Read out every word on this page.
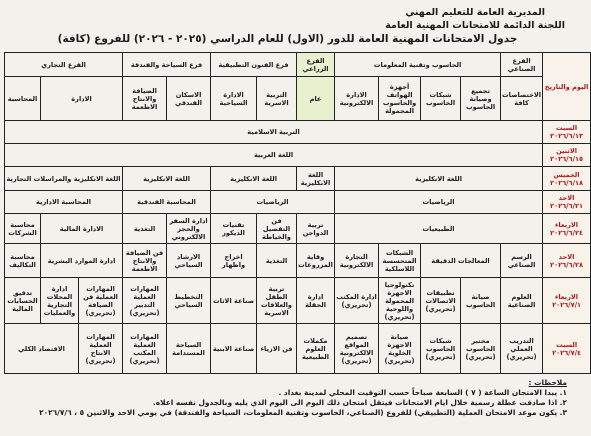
المديرية العامة للتعليم المهني
اللجنة الدائمة للامتحانات المهنية العامة
جدول الامتحانات المهنية العامة للدور (الاول) للعام الدراسي (٢٠٢٥ - ٢٠٢٦) للفروع (كافة)
اليوم والتاريخ	الفرع الصناعي	الحاسوب وتقنية المعلومات				الفرع الزراعي	فرع الفنون التطبيقية		فرع السياحة والفندقة		الفرع التجاري		
	الاختصاصات كافة	تجميع وصيانة الحاسوب	شبكات الحاسوب	أجهزة الهواتف والحاسوب المحمولة	الادارة الالكترونية	عام	التربية الاسرية	الادارة السياحية	الاسكان الفندقي	الضيافة والانتاج الاطعمة	الادارة		المحاسبة

السبت
٢٠٢٦/٦/١٣	التربية الاسلامية												

الاثنين
٢٠٢٦/٦/١٥	اللغة العربية												

الخميس
٢٠٢٦/٦/١٨	اللغة الانكليزية					اللغة الانكليزية	اللغة الانكليزية		اللغة الانكليزية		اللغة الانكليزية والمراسلات التجارية		

الاحد
٢٠٢٦/٦/٢١	الرياضيات					الرياضيات			المحاسبة الفندقية		المحاسبة الادارية		

الاربعاء
٢٠٢٦/٦/٢٤	الطبيعيات					تربية الدواجن	فن التفصيل والخياطة	تقنيات الديكور	ادارة السفر والحجز الالكتروني	التغذية	الادارة المالية		محاسبة الشركات

الاحد
٢٠٢٦/٦/٢٨	الرسم الصناعي	المعالجات الدقيقة		الشبكات المتحسسة اللاسلكية	التجارة الالكترونية	وقاية المزروعات	التغذية	اخراج واظهار	الارشاد السياحي	فن الضيافة والانتاج الاطعمة	ادارة الموارد البشرية		محاسبة التكاليف

الاربعاء
٢٠٢٦/٧/١	العلوم الصناعية	صيانة الحاسوب	تطبيقات الاتصالات (تحريري)	تكنولوجيا الاجهزة المحمولة واللوحية (تحريري)	ادارة المكتب (تحريري)	ادارة الحقلة	تربية الطفل والعلاقات الاسرية	صناعة الاثاث	التخطيط السياحي	المهارات العملية التدبير (تحريري)	المهارات العملية فن الضيافة (تحريري)	ادارة المحلات التجارية والعمليات	تدقيق الحسابات المالية

السبت
٢٠٢٦/٧/٤	التدريب العملي (تحريري)	مختبر الحاسوب (تحريري)	شبكات الحاسوب (تحريري)	صيانة الاجهزة الخلوية (تحريري)	تصميم المواقع الالكترونية (تحريري)	مكملات العلوم الطبيعية	فن الازياء	صناعة الابنية	السياحة المستدامة	المهارات العملية المكتب (تحريري)	المهارات العملية الانتاج (تحريري)	الاقتصاد الكلي	
ملاحظات :
١. يبدا الامتحان الساعة ( ٧ ) السابعة صباحاً حسب التوقيت المحلي لمدينة بغداد .
٢. اذا صادفت عطلة رسمية خلال ايام الامتحانات فيتقل امتحان ذلك اليوم الى اليوم الذي يليه وبالجدول نفسه اعلاه.
٣. يكون موعد الامتحان العملية (التطبيقي) للفروع (الصناعي، الحاسوب وتقنية المعلومات، السياحة والفندقة) في يومي الاحد والاثنين ٥ ، ٢٠٢٦/٧/٦
